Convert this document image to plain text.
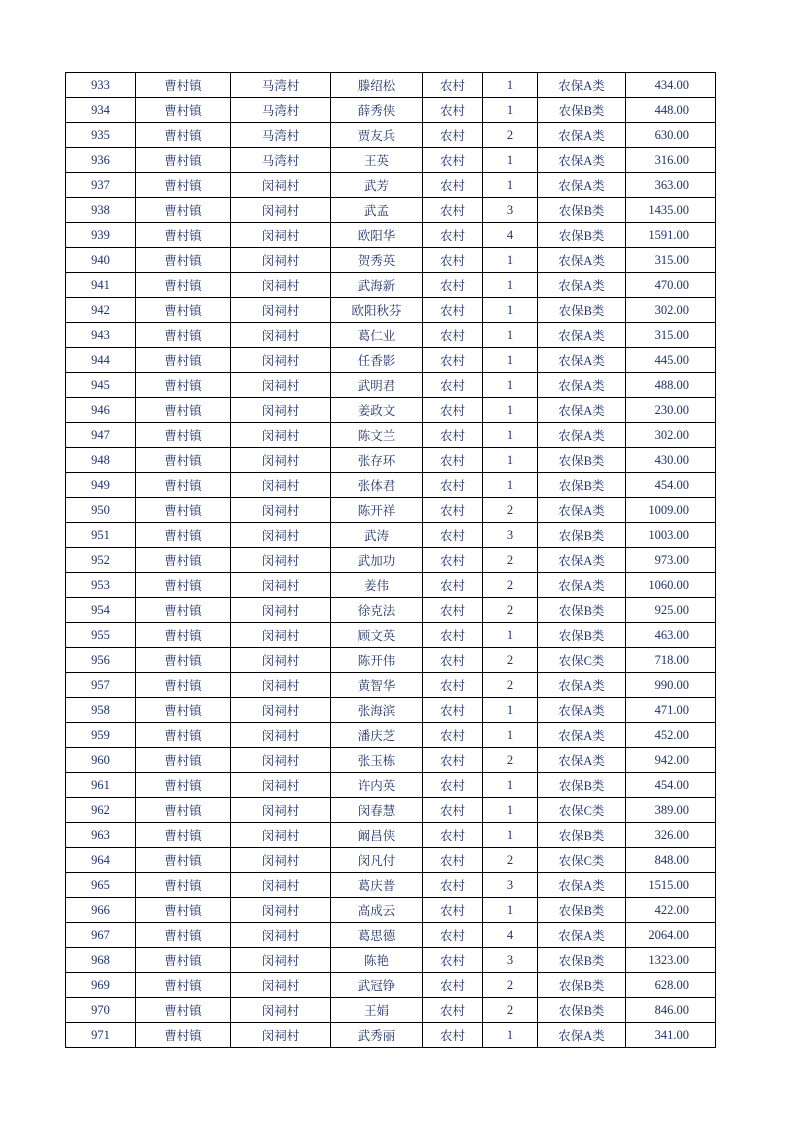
933	曹村镇	马湾村	滕绍松	农村	1	农保A类	434.00
934	曹村镇	马湾村	薛秀侠	农村	1	农保B类	448.00
935	曹村镇	马湾村	贾友兵	农村	2	农保A类	630.00
936	曹村镇	马湾村	王英	农村	1	农保A类	316.00
937	曹村镇	闵祠村	武芳	农村	1	农保A类	363.00
938	曹村镇	闵祠村	武孟	农村	3	农保B类	1435.00
939	曹村镇	闵祠村	欧阳华	农村	4	农保B类	1591.00
940	曹村镇	闵祠村	贺秀英	农村	1	农保A类	315.00
941	曹村镇	闵祠村	武海新	农村	1	农保A类	470.00
942	曹村镇	闵祠村	欧阳秋芬	农村	1	农保B类	302.00
943	曹村镇	闵祠村	葛仁业	农村	1	农保A类	315.00
944	曹村镇	闵祠村	任香影	农村	1	农保A类	445.00
945	曹村镇	闵祠村	武明君	农村	1	农保A类	488.00
946	曹村镇	闵祠村	姜政文	农村	1	农保A类	230.00
947	曹村镇	闵祠村	陈文兰	农村	1	农保A类	302.00
948	曹村镇	闵祠村	张存环	农村	1	农保B类	430.00
949	曹村镇	闵祠村	张体君	农村	1	农保B类	454.00
950	曹村镇	闵祠村	陈开祥	农村	2	农保A类	1009.00
951	曹村镇	闵祠村	武涛	农村	3	农保B类	1003.00
952	曹村镇	闵祠村	武加功	农村	2	农保A类	973.00
953	曹村镇	闵祠村	姜伟	农村	2	农保A类	1060.00
954	曹村镇	闵祠村	徐克法	农村	2	农保B类	925.00
955	曹村镇	闵祠村	顾文英	农村	1	农保B类	463.00
956	曹村镇	闵祠村	陈开伟	农村	2	农保C类	718.00
957	曹村镇	闵祠村	黄智华	农村	2	农保A类	990.00
958	曹村镇	闵祠村	张海滨	农村	1	农保A类	471.00
959	曹村镇	闵祠村	潘庆芝	农村	1	农保A类	452.00
960	曹村镇	闵祠村	张玉栋	农村	2	农保A类	942.00
961	曹村镇	闵祠村	许内英	农村	1	农保B类	454.00
962	曹村镇	闵祠村	闵春慧	农村	1	农保C类	389.00
963	曹村镇	闵祠村	阚昌侠	农村	1	农保B类	326.00
964	曹村镇	闵祠村	闵凡付	农村	2	农保C类	848.00
965	曹村镇	闵祠村	葛庆普	农村	3	农保A类	1515.00
966	曹村镇	闵祠村	高成云	农村	1	农保B类	422.00
967	曹村镇	闵祠村	葛思德	农村	4	农保A类	2064.00
968	曹村镇	闵祠村	陈艳	农村	3	农保B类	1323.00
969	曹村镇	闵祠村	武冠铮	农村	2	农保B类	628.00
970	曹村镇	闵祠村	王娟	农村	2	农保B类	846.00
971	曹村镇	闵祠村	武秀丽	农村	1	农保A类	341.00
